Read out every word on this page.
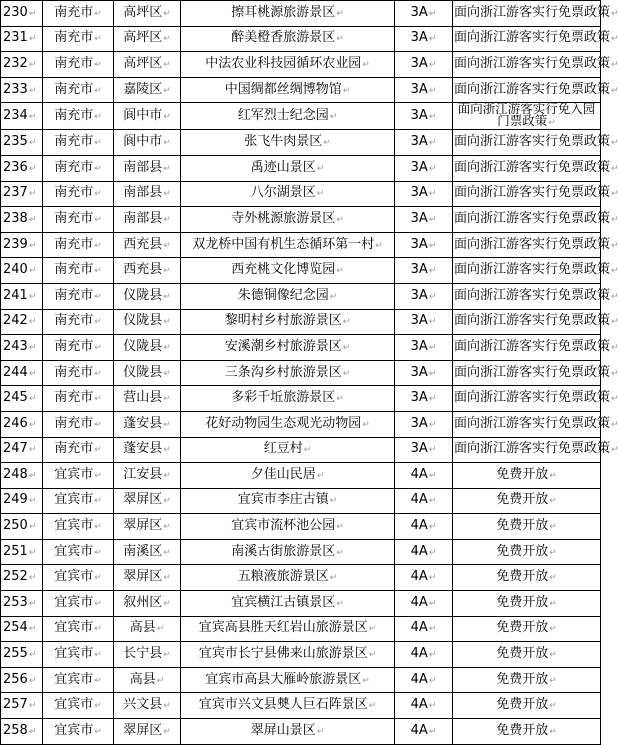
230↵	南充市↵	高坪区↵	擦耳桃源旅游景区↵	3A↵	面向浙江游客实行免票政策↵
231↵	南充市↵	高坪区↵	醉美橙香旅游景区↵	3A↵	面向浙江游客实行免票政策↵
232↵	南充市↵	高坪区↵	中法农业科技园循环农业园↵	3A↵	面向浙江游客实行免票政策↵
233↵	南充市↵	嘉陵区↵	中国绸都丝绸博物馆↵	3A↵	面向浙江游客实行免票政策↵
234↵	南充市↵	阆中市↵	红军烈士纪念园↵	3A↵	面向浙江游客实行免入园门票政策↵
235↵	南充市↵	阆中市↵	张飞牛肉景区↵	3A↵	面向浙江游客实行免票政策↵
236↵	南充市↵	南部县↵	禹迹山景区↵	3A↵	面向浙江游客实行免票政策↵
237↵	南充市↵	南部县↵	八尔湖景区↵	3A↵	面向浙江游客实行免票政策↵
238↵	南充市↵	南部县↵	寺外桃源旅游景区↵	3A↵	面向浙江游客实行免票政策↵
239↵	南充市↵	西充县↵	双龙桥中国有机生态循环第一村↵	3A↵	面向浙江游客实行免票政策↵
240↵	南充市↵	西充县↵	西充桃文化博览园↵	3A↵	面向浙江游客实行免票政策↵
241↵	南充市↵	仪陇县↵	朱德铜像纪念园↵	3A↵	面向浙江游客实行免票政策↵
242↵	南充市↵	仪陇县↵	黎明村乡村旅游景区↵	3A↵	面向浙江游客实行免票政策↵
243↵	南充市↵	仪陇县↵	安溪潮乡村旅游景区↵	3A↵	面向浙江游客实行免票政策↵
244↵	南充市↵	仪陇县↵	三条沟乡村旅游景区↵	3A↵	面向浙江游客实行免票政策↵
245↵	南充市↵	营山县↵	多彩千坵旅游景区↵	3A↵	面向浙江游客实行免票政策↵
246↵	南充市↵	蓬安县↵	花好动物园生态观光动物园↵	3A↵	面向浙江游客实行免票政策↵
247↵	南充市↵	蓬安县↵	红豆村↵	3A↵	面向浙江游客实行免票政策↵
248↵	宜宾市↵	江安县↵	夕佳山民居↵	4A↵	免费开放↵
249↵	宜宾市↵	翠屏区↵	宜宾市李庄古镇↵	4A↵	免费开放↵
250↵	宜宾市↵	翠屏区↵	宜宾市流杯池公园↵	4A↵	免费开放↵
251↵	宜宾市↵	南溪区↵	南溪古街旅游景区↵	4A↵	免费开放↵
252↵	宜宾市↵	翠屏区↵	五粮液旅游景区↵	4A↵	免费开放↵
253↵	宜宾市↵	叙州区↵	宜宾横江古镇景区↵	4A↵	免费开放↵
254↵	宜宾市↵	高县↵	宜宾高县胜天红岩山旅游景区↵	4A↵	免费开放↵
255↵	宜宾市↵	长宁县↵	宜宾市长宁县佛来山旅游景区↵	4A↵	免费开放↵
256↵	宜宾市↵	高县↵	宜宾市高县大雁岭旅游景区↵	4A↵	免费开放↵
257↵	宜宾市↵	兴文县↵	宜宾市兴文县僰人巨石阵景区↵	4A↵	免费开放↵
258↵	宜宾市↵	翠屏区↵	翠屏山景区↵	4A↵	免费开放↵
